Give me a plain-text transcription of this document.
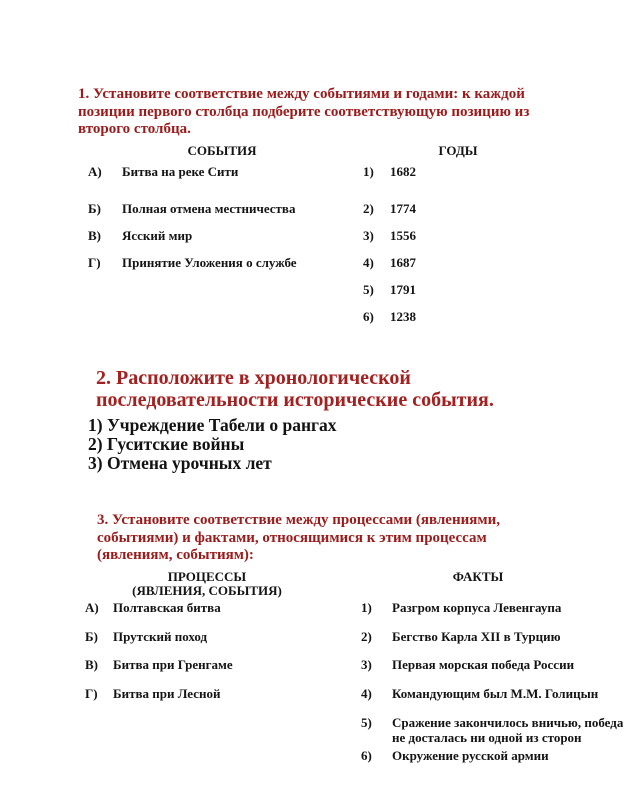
1. Установите соответствие между событиями и годами: к каждой
позиции первого столбца подберите соответствующую позицию из
второго столбца.
СОБЫТИЯ	ГОДЫ
А) Битва на реке Сити
Б) Полная отмена местничества
В) Ясский мир
Г) Принятие Уложения о службе
1) 1682
2) 1774
3) 1556
4) 1687
5) 1791
6) 1238
2. Расположите в хронологической
последовательности исторические события.
1) Учреждение Табели о рангах
2) Гуситские войны
3) Отмена урочных лет
3. Установите соответствие между процессами (явлениями,
событиями) и фактами, относящимися к этим процессам
(явлениям, событиям):
ПРОЦЕССЫ
(ЯВЛЕНИЯ, СОБЫТИЯ)
ФАКТЫ
А) Полтавская битва
Б) Прутский поход
В) Битва при Гренгаме
Г) Битва при Лесной
1) Разгром корпуса Левенгаупа
2) Бегство Карла XII в Турцию
3) Первая морская победа России
4) Командующим был М.М. Голицын
5) Сражение закончилось вничью, победа не досталась ни одной из сторон
6) Окружение русской армии
